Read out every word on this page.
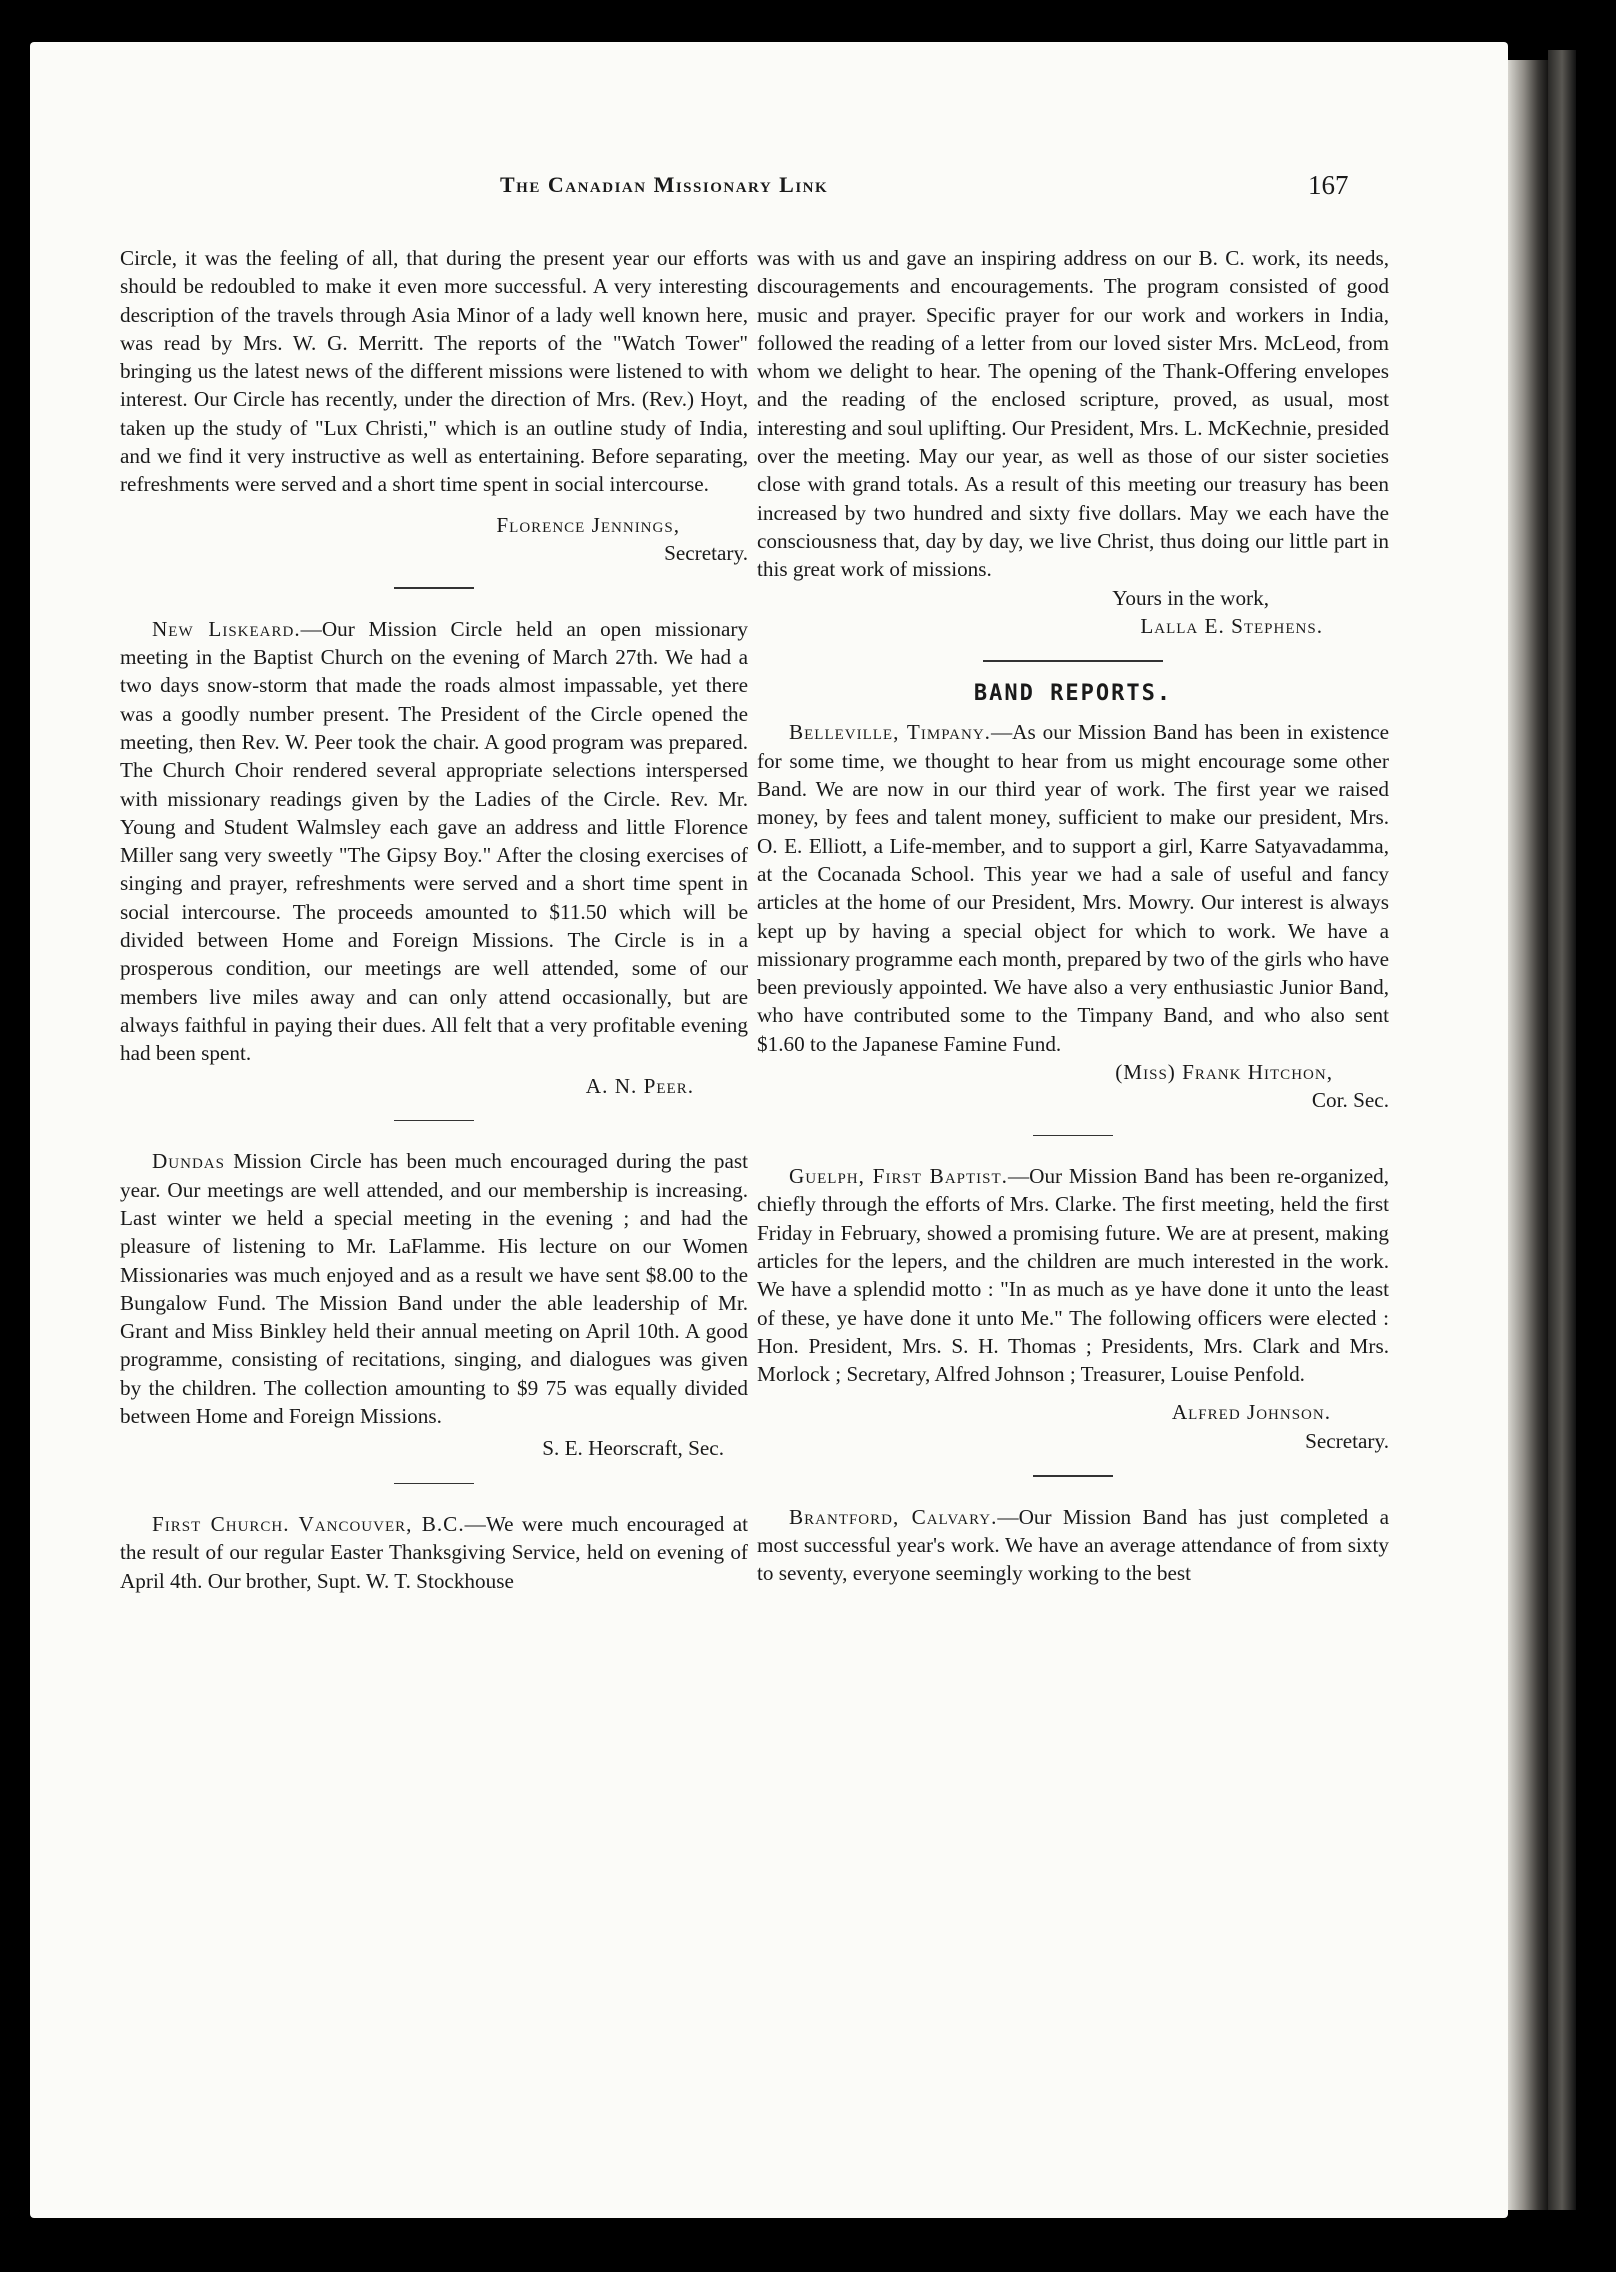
The Canadian Missionary Link	167

Circle, it was the feeling of all, that during the present year our efforts should be redoubled to make it even more successful. A very interesting description of the travels through Asia Minor of a lady well known here, was read by Mrs. W. G. Merritt. The reports of the "Watch Tower" bringing us the latest news of the different missions were listened to with interest. Our Circle has recently, under the direction of Mrs. (Rev.) Hoyt, taken up the study of "Lux Christi," which is an outline study of India, and we find it very instructive as well as entertaining. Before separating, refreshments were served and a short time spent in social intercourse.

Florence Jennings,

Secretary.

New Liskeard.—Our Mission Circle held an open missionary meeting in the Baptist Church on the evening of March 27th. We had a two days snow-storm that made the roads almost impassable, yet there was a goodly number present. The President of the Circle opened the meeting, then Rev. W. Peer took the chair. A good program was prepared. The Church Choir rendered several appropriate selections interspersed with missionary readings given by the Ladies of the Circle. Rev. Mr. Young and Student Walmsley each gave an address and little Florence Miller sang very sweetly "The Gipsy Boy." After the closing exercises of singing and prayer, refreshments were served and a short time spent in social intercourse. The proceeds amounted to $11.50 which will be divided between Home and Foreign Missions. The Circle is in a prosperous condition, our meetings are well attended, some of our members live miles away and can only attend occasionally, but are always faithful in paying their dues. All felt that a very profitable evening had been spent.

A. N. Peer.

Dundas Mission Circle has been much encouraged during the past year. Our meetings are well attended, and our membership is increasing. Last winter we held a special meeting in the evening ; and had the pleasure of listening to Mr. LaFlamme. His lecture on our Women Missionaries was much enjoyed and as a result we have sent $8.00 to the Bungalow Fund. The Mission Band under the able leadership of Mr. Grant and Miss Binkley held their annual meeting on April 10th. A good programme, consisting of recitations, singing, and dialogues was given by the children. The collection amounting to $9 75 was equally divided between Home and Foreign Missions.

S. E. Heorscraft, Sec.

First Church. Vancouver, B.C.—We were much encouraged at the result of our regular Easter Thanksgiving Service, held on evening of April 4th. Our brother, Supt. W. T. Stockhouse

was with us and gave an inspiring address on our B. C. work, its needs, discouragements and encouragements. The program consisted of good music and prayer. Specific prayer for our work and workers in India, followed the reading of a letter from our loved sister Mrs. McLeod, from whom we delight to hear. The opening of the Thank-Offering envelopes and the reading of the enclosed scripture, proved, as usual, most interesting and soul uplifting. Our President, Mrs. L. McKechnie, presided over the meeting. May our year, as well as those of our sister societies close with grand totals. As a result of this meeting our treasury has been increased by two hundred and sixty five dollars. May we each have the consciousness that, day by day, we live Christ, thus doing our little part in this great work of missions.

Yours in the work,

Lalla E. Stephens.

BAND REPORTS.

Belleville, Timpany.—As our Mission Band has been in existence for some time, we thought to hear from us might encourage some other Band. We are now in our third year of work. The first year we raised money, by fees and talent money, sufficient to make our president, Mrs. O. E. Elliott, a Life-member, and to support a girl, Karre Satyavadamma, at the Cocanada School. This year we had a sale of useful and fancy articles at the home of our President, Mrs. Mowry. Our interest is always kept up by having a special object for which to work. We have a missionary programme each month, prepared by two of the girls who have been previously appointed. We have also a very enthusiastic Junior Band, who have contributed some to the Timpany Band, and who also sent $1.60 to the Japanese Famine Fund.

(Miss) Frank Hitchon,

Cor. Sec.

Guelph, First Baptist.—Our Mission Band has been re-organized, chiefly through the efforts of Mrs. Clarke. The first meeting, held the first Friday in February, showed a promising future. We are at present, making articles for the lepers, and the children are much interested in the work. We have a splendid motto : "In as much as ye have done it unto the least of these, ye have done it unto Me." The following officers were elected : Hon. President, Mrs. S. H. Thomas ; Presidents, Mrs. Clark and Mrs. Morlock ; Secretary, Alfred Johnson ; Treasurer, Louise Penfold.

Alfred Johnson.

Secretary.

Brantford, Calvary.—Our Mission Band has just completed a most successful year's work. We have an average attendance of from sixty to seventy, everyone seemingly working to the best
